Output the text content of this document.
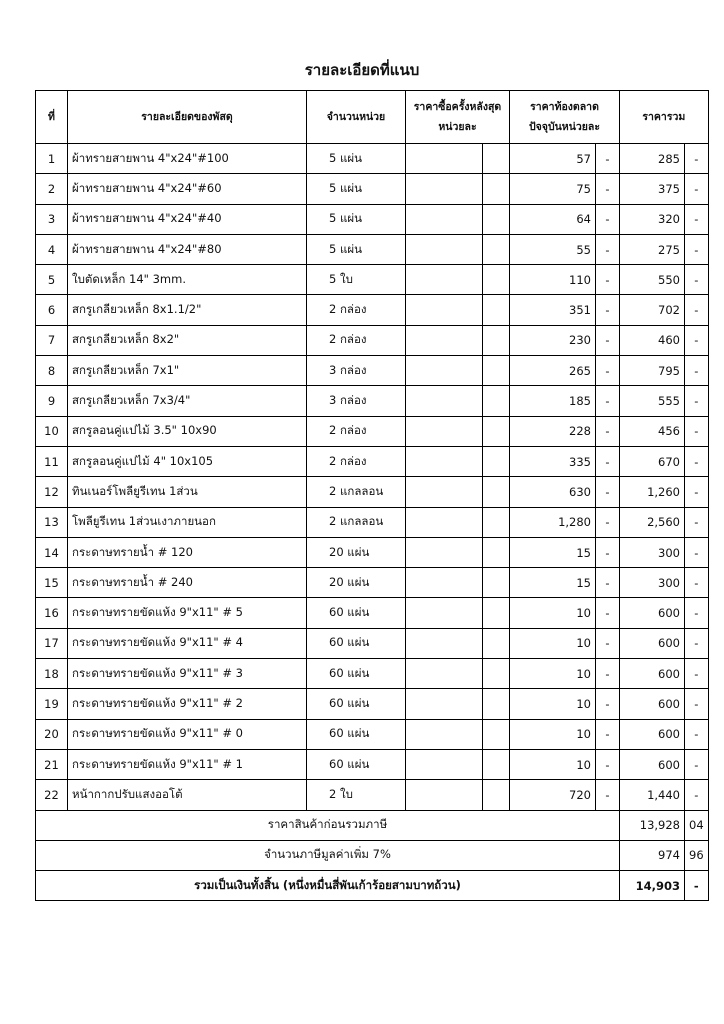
รายละเอียดที่แนบ
ที่	รายละเอียดของพัสดุ	จำนวนหน่วย	ราคาซื้อครั้งหลังสุด หน่วยละ		ราคาท้องตลาด ปัจจุบันหน่วยละ		ราคารวม	
1	ผ้าทรายสายพาน 4"x24"#100	5 แผ่น			57	-	285	-
2	ผ้าทรายสายพาน 4"x24"#60	5 แผ่น			75	-	375	-
3	ผ้าทรายสายพาน 4"x24"#40	5 แผ่น			64	-	320	-
4	ผ้าทรายสายพาน 4"x24"#80	5 แผ่น			55	-	275	-
5	ใบตัดเหล็ก 14" 3mm.	5 ใบ			110	-	550	-
6	สกรูเกลียวเหล็ก 8x1.1/2"	2 กล่อง			351	-	702	-
7	สกรูเกลียวเหล็ก 8x2"	2 กล่อง			230	-	460	-
8	สกรูเกลียวเหล็ก 7x1"	3 กล่อง			265	-	795	-
9	สกรูเกลียวเหล็ก 7x3/4"	3 กล่อง			185	-	555	-
10	สกรูลอนคู่แปไม้ 3.5" 10x90	2 กล่อง			228	-	456	-
11	สกรูลอนคู่แปไม้ 4" 10x105	2 กล่อง			335	-	670	-
12	ทินเนอร์โพลียูรีเทน 1ส่วน	2 แกลลอน			630	-	1,260	-
13	โพลียูรีเทน 1ส่วนเงาภายนอก	2 แกลลอน			1,280	-	2,560	-
14	กระดาษทรายน้ำ # 120	20 แผ่น			15	-	300	-
15	กระดาษทรายน้ำ # 240	20 แผ่น			15	-	300	-
16	กระดาษทรายขัดแห้ง 9"x11" # 5	60 แผ่น			10	-	600	-
17	กระดาษทรายขัดแห้ง 9"x11" # 4	60 แผ่น			10	-	600	-
18	กระดาษทรายขัดแห้ง 9"x11" # 3	60 แผ่น			10	-	600	-
19	กระดาษทรายขัดแห้ง 9"x11" # 2	60 แผ่น			10	-	600	-
20	กระดาษทรายขัดแห้ง 9"x11" # 0	60 แผ่น			10	-	600	-
21	กระดาษทรายขัดแห้ง 9"x11" # 1	60 แผ่น			10	-	600	-
22	หน้ากากปรับแสงออโต้	2 ใบ			720	-	1,440	-
ราคาสินค้าก่อนรวมภาษี							13,928	04
จำนวนภาษีมูลค่าเพิ่ม 7%							974	96
รวมเป็นเงินทั้งสิ้น (หนึ่งหมื่นสี่พันเก้าร้อยสามบาทถ้วน)							14,903	-
